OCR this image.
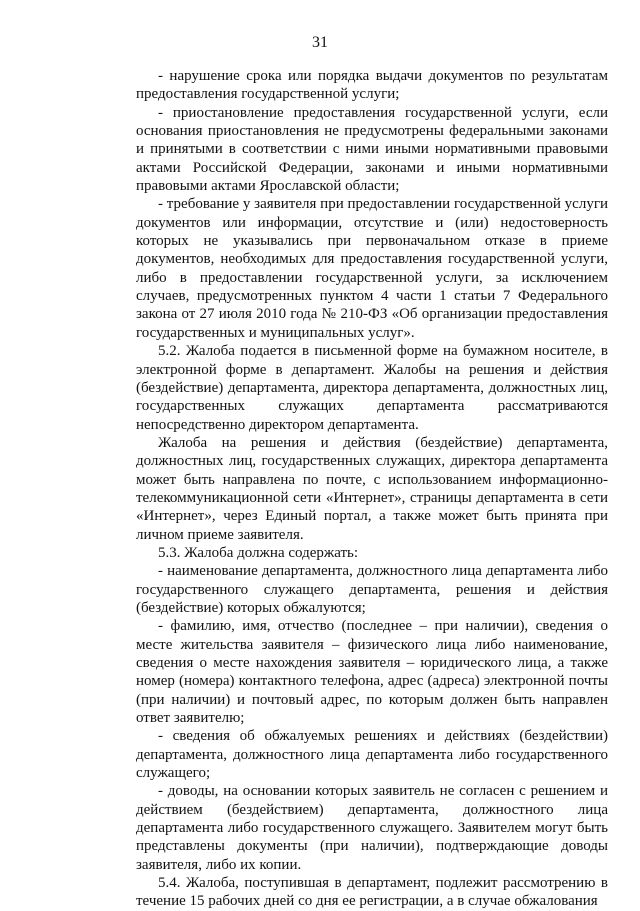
31

- нарушение срока или порядка выдачи документов по результатам предоставления государственной услуги;

- приостановление предоставления государственной услуги, если основания приостановления не предусмотрены федеральными законами и принятыми в соответствии с ними иными нормативными правовыми актами Российской Федерации, законами и иными нормативными правовыми актами Ярославской области;

- требование у заявителя при предоставлении государственной услуги документов или информации, отсутствие и (или) недостоверность которых не указывались при первоначальном отказе в приеме документов, необходимых для предоставления государственной услуги, либо в предоставлении государственной услуги, за исключением случаев, предусмотренных пунктом 4 части 1 статьи 7 Федерального закона от 27 июля 2010 года № 210-ФЗ «Об организации предоставления государственных и муниципальных услуг».

5.2. Жалоба подается в письменной форме на бумажном носителе, в электронной форме в департамент. Жалобы на решения и действия (бездействие) департамента, директора департамента, должностных лиц, государственных служащих департамента рассматриваются непосредственно директором департамента.

Жалоба на решения и действия (бездействие) департамента, должностных лиц, государственных служащих, директора департамента может быть направлена по почте, с использованием информационно-телекоммуникационной сети «Интернет», страницы департамента в сети «Интернет», через Единый портал, а также может быть принята при личном приеме заявителя.

5.3. Жалоба должна содержать:

- наименование департамента, должностного лица департамента либо государственного служащего департамента, решения и действия (бездействие) которых обжалуются;

- фамилию, имя, отчество (последнее – при наличии), сведения о месте жительства заявителя – физического лица либо наименование, сведения о месте нахождения заявителя – юридического лица, а также номер (номера) контактного телефона, адрес (адреса) электронной почты (при наличии) и почтовый адрес, по которым должен быть направлен ответ заявителю;

- сведения об обжалуемых решениях и действиях (бездействии) департамента, должностного лица департамента либо государственного служащего;

- доводы, на основании которых заявитель не согласен с решением и действием (бездействием) департамента, должностного лица департамента либо государственного служащего. Заявителем могут быть представлены документы (при наличии), подтверждающие доводы заявителя, либо их копии.

5.4. Жалоба, поступившая в департамент, подлежит рассмотрению в течение 15 рабочих дней со дня ее регистрации, а в случае обжалования
